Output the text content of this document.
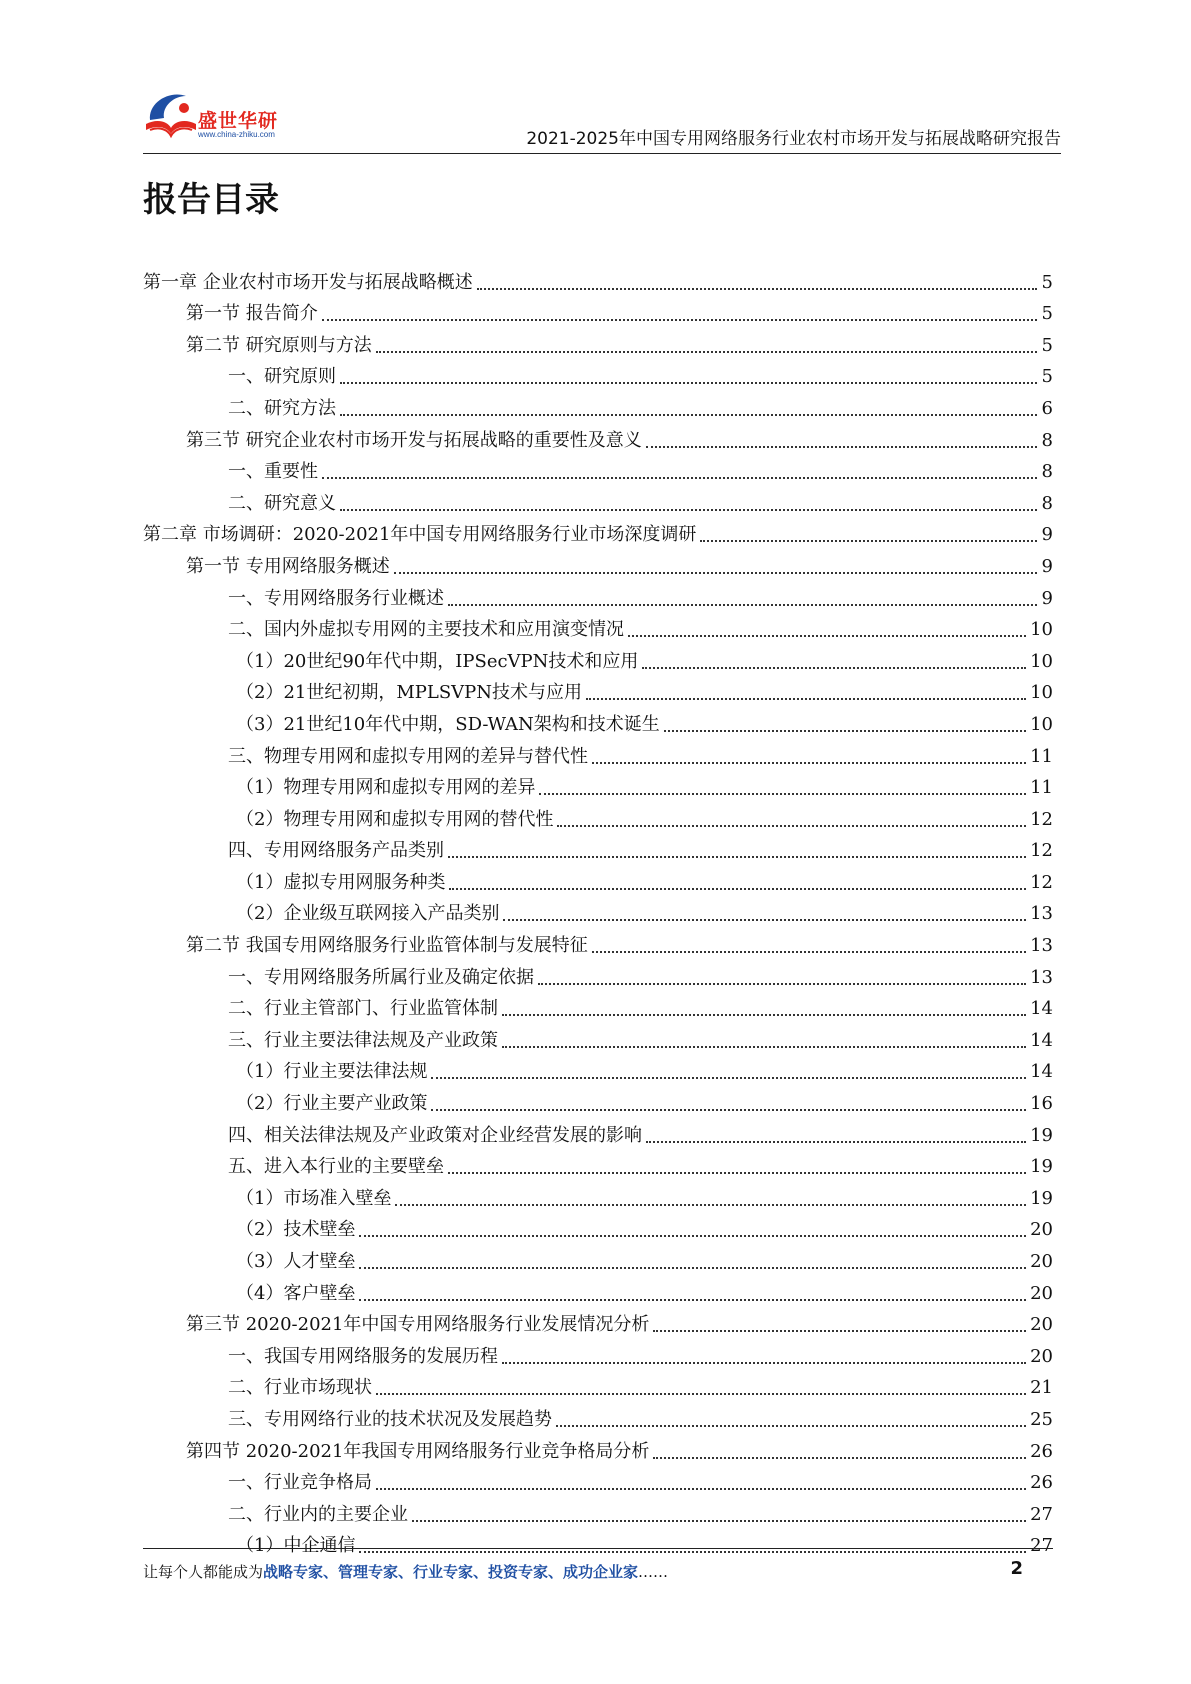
盛世华研
www.china-zhiku.com	2021-2025年中国专用网络服务行业农村市场开发与拓展战略研究报告
报告目录
第一章 企业农村市场开发与拓展战略概述	5
第一节 报告简介	5
第二节 研究原则与方法	5
一、研究原则	5
二、研究方法	6
第三节 研究企业农村市场开发与拓展战略的重要性及意义	8
一、重要性	8
二、研究意义	8
第二章 市场调研：2020-2021年中国专用网络服务行业市场深度调研	9
第一节 专用网络服务概述	9
一、专用网络服务行业概述	9
二、国内外虚拟专用网的主要技术和应用演变情况	10
（1）20世纪90年代中期，IPSecVPN技术和应用	10
（2）21世纪初期，MPLSVPN技术与应用	10
（3）21世纪10年代中期，SD-WAN架构和技术诞生	10
三、物理专用网和虚拟专用网的差异与替代性	11
（1）物理专用网和虚拟专用网的差异	11
（2）物理专用网和虚拟专用网的替代性	12
四、专用网络服务产品类别	12
（1）虚拟专用网服务种类	12
（2）企业级互联网接入产品类别	13
第二节 我国专用网络服务行业监管体制与发展特征	13
一、专用网络服务所属行业及确定依据	13
二、行业主管部门、行业监管体制	14
三、行业主要法律法规及产业政策	14
（1）行业主要法律法规	14
（2）行业主要产业政策	16
四、相关法律法规及产业政策对企业经营发展的影响	19
五、进入本行业的主要壁垒	19
（1）市场准入壁垒	19
（2）技术壁垒	20
（3）人才壁垒	20
（4）客户壁垒	20
第三节 2020-2021年中国专用网络服务行业发展情况分析	20
一、我国专用网络服务的发展历程	20
二、行业市场现状	21
三、专用网络行业的技术状况及发展趋势	25
第四节 2020-2021年我国专用网络服务行业竞争格局分析	26
一、行业竞争格局	26
二、行业内的主要企业	27
（1）中企通信	27
让每个人都能成为战略专家、管理专家、行业专家、投资专家、成功企业家……	2
